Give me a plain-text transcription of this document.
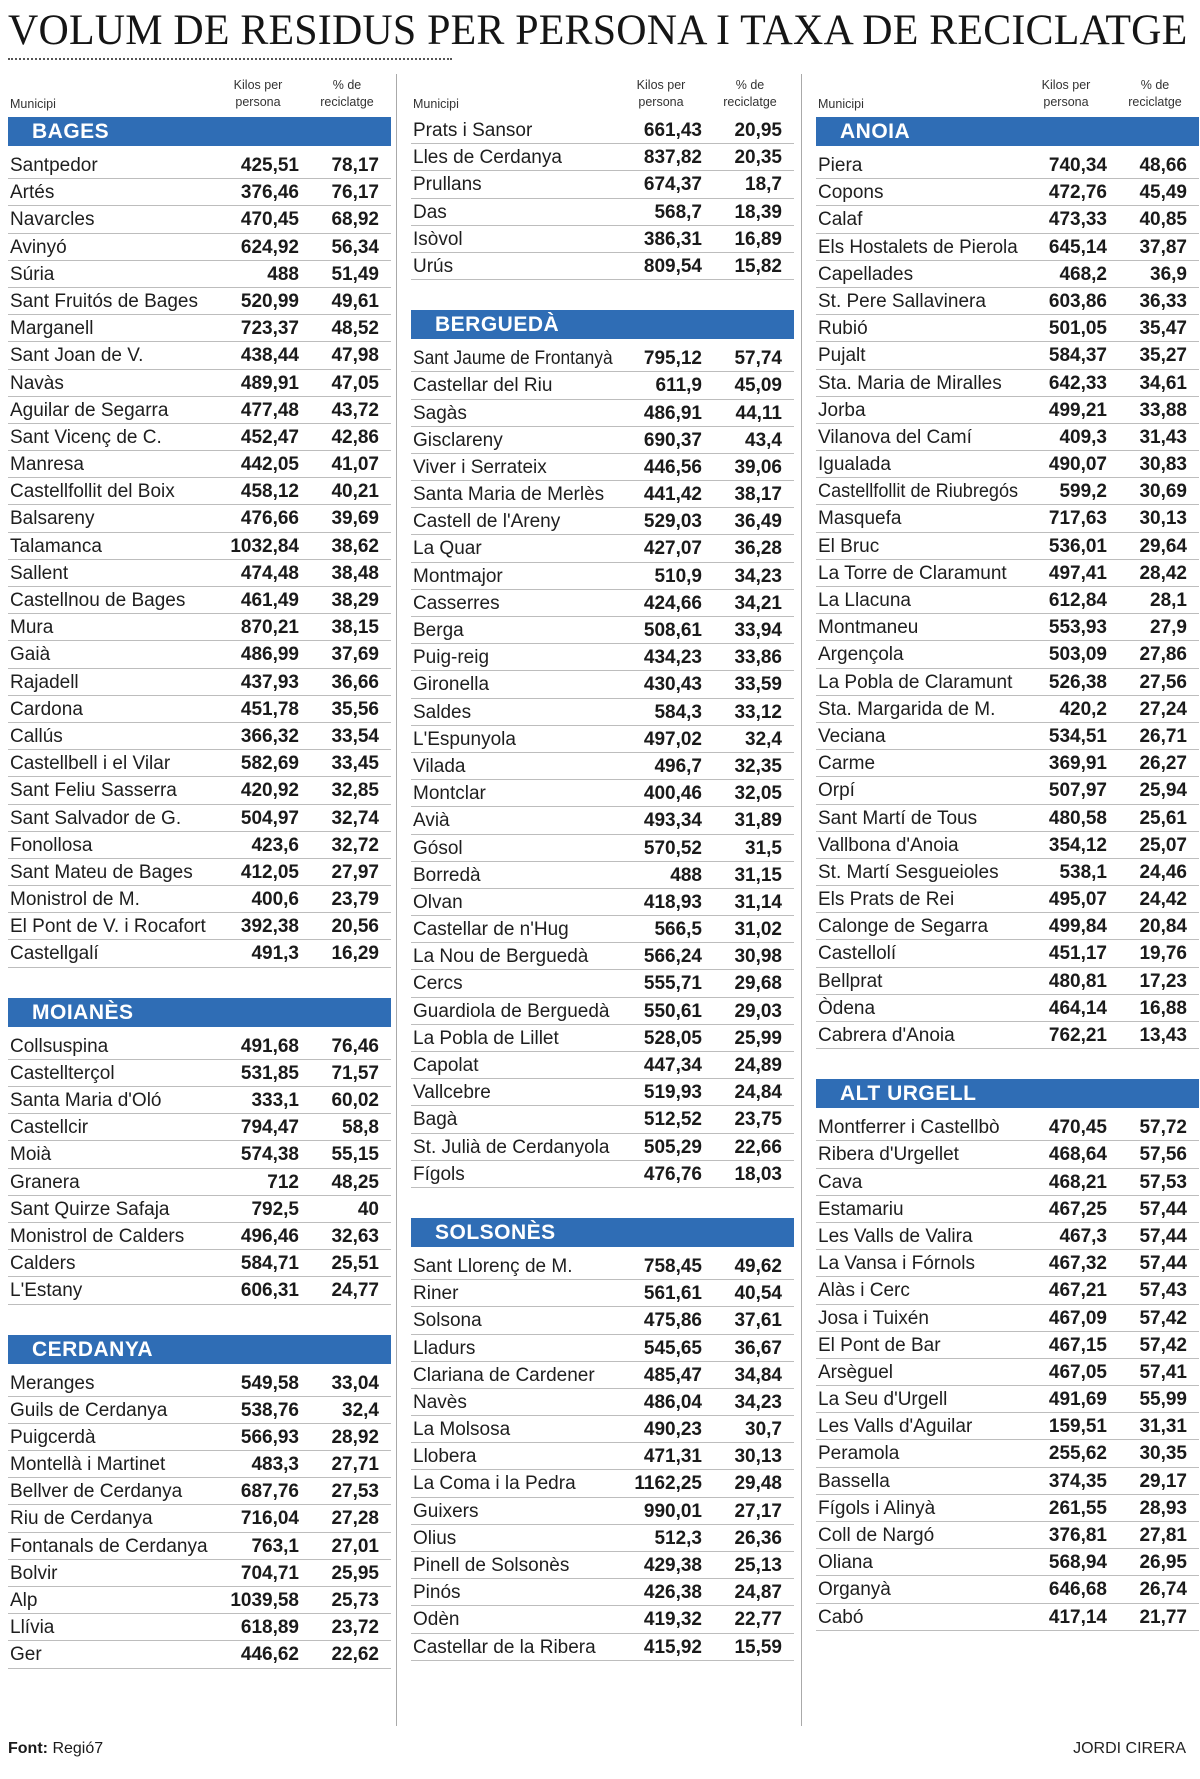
VOLUM DE RESIDUS PER PERSONA I TAXA DE RECICLATGE
Municipi
Kilos per
persona
% de
reciclatge
BAGES
Santpedor	425,51 78,17
Artés	376,46 76,17
Navarcles	470,45 68,92
Avinyó	624,92 56,34
Súria	488 51,49
Sant Fruitós de Bages 520,99 49,61
Marganell	723,37 48,52
Sant Joan de V.	438,44 47,98
Navàs	489,91 47,05
Aguilar de Segarra	477,48 43,72
Sant Vicenç de C.	452,47 42,86
Manresa	442,05 41,07
Castellfollit del Boix	458,12 40,21
Balsareny	476,66 39,69
Talamanca	1032,84 38,62
Sallent	474,48 38,48
Castellnou de Bages	461,49 38,29
Mura	870,21 38,15
Gaià	486,99 37,69
Rajadell	437,93 36,66
Cardona	451,78 35,56
Callús	366,32 33,54
Castellbell i el Vilar	582,69 33,45
Sant Feliu Sasserra	420,92 32,85
Sant Salvador de G.	504,97 32,74
Fonollosa	423,6 32,72
Sant Mateu de Bages	412,05 27,97
Monistrol de M.	400,6 23,79
El Pont de V. i Rocafort 392,38 20,56
Castellgalí	491,3 16,29
MOIANÈS
Collsuspina	491,68 76,46
Castellterçol	531,85 71,57
Santa Maria d'Oló	333,1 60,02
Castellcir	794,47 58,8
Moià	574,38 55,15
Granera	712 48,25
Sant Quirze Safaja	792,5	40
Monistrol de Calders	496,46 32,63
Calders	584,71 25,51
L'Estany	606,31 24,77
CERDANYA
Meranges	549,58 33,04
Guils de Cerdanya	538,76 32,4
Puigcerdà	566,93 28,92
Montellà i Martinet	483,3 27,71
Bellver de Cerdanya	687,76 27,53
Riu de Cerdanya	716,04 27,28
Fontanals de Cerdanya 763,1 27,01
Bolvir	704,71 25,95
Alp	1039,58 25,73
Llívia	618,89 23,72
Ger	446,62 22,62
Municipi
Kilos per
persona
% de
reciclatge
Prats i Sansor	661,43 20,95
Lles de Cerdanya	837,82 20,35
Prullans	674,37 18,7
Das	568,7 18,39
Isòvol	386,31 16,89
Urús	809,54 15,82
BERGUEDÀ
Sant Jaume de Frontanyà 795,12 57,74
Castellar del Riu	611,9 45,09
Sagàs	486,91 44,11
Gisclareny	690,37 43,4
Viver i Serrateix	446,56 39,06
Santa Maria de Merlès 441,42 38,17
Castell de l'Areny	529,03 36,49
La Quar	427,07 36,28
Montmajor	510,9 34,23
Casserres	424,66 34,21
Berga	508,61 33,94
Puig-reig	434,23 33,86
Gironella	430,43 33,59
Saldes	584,3 33,12
L'Espunyola	497,02 32,4
Vilada	496,7 32,35
Montclar	400,46 32,05
Avià	493,34 31,89
Gósol	570,52 31,5
Borredà	488 31,15
Olvan	418,93 31,14
Castellar de n'Hug	566,5 31,02
La Nou de Berguedà	566,24 30,98
Cercs	555,71 29,68
Guardiola de Berguedà 550,61 29,03
La Pobla de Lillet	528,05 25,99
Capolat	447,34 24,89
Vallcebre	519,93 24,84
Bagà	512,52 23,75
St. Julià de Cerdanyola 505,29 22,66
Fígols	476,76 18,03
SOLSONÈS
Sant Llorenç de M.	758,45 49,62
Riner	561,61 40,54
Solsona	475,86 37,61
Lladurs	545,65 36,67
Clariana de Cardener	485,47 34,84
Navès	486,04 34,23
La Molsosa	490,23 30,7
Llobera	471,31 30,13
La Coma i la Pedra	1162,25 29,48
Guixers	990,01 27,17
Olius	512,3 26,36
Pinell de Solsonès	429,38 25,13
Pinós	426,38 24,87
Odèn	419,32 22,77
Castellar de la Ribera	415,92 15,59
Municipi
Kilos per
persona
% de
reciclatge
ANOIA
Piera	740,34 48,66
Copons	472,76 45,49
Calaf	473,33 40,85
Els Hostalets de Pierola 645,14 37,87
Capellades	468,2 36,9
St. Pere Sallavinera	603,86 36,33
Rubió	501,05 35,47
Pujalt	584,37 35,27
Sta. Maria de Miralles 642,33 34,61
Jorba	499,21 33,88
Vilanova del Camí	409,3 31,43
Igualada	490,07 30,83
Castellfollit de Riubregós 599,2 30,69
Masquefa	717,63 30,13
El Bruc	536,01 29,64
La Torre de Claramunt 497,41 28,42
La Llacuna	612,84 28,1
Montmaneu	553,93 27,9
Argençola	503,09 27,86
La Pobla de Claramunt 526,38 27,56
Sta. Margarida de M.	420,2 27,24
Veciana	534,51 26,71
Carme	369,91 26,27
Orpí	507,97 25,94
Sant Martí de Tous	480,58 25,61
Vallbona d'Anoia	354,12 25,07
St. Martí Sesgueioles	538,1 24,46
Els Prats de Rei	495,07 24,42
Calonge de Segarra	499,84 20,84
Castellolí	451,17 19,76
Bellprat	480,81 17,23
Òdena	464,14 16,88
Cabrera d'Anoia	762,21 13,43
ALT URGELL
Montferrer i Castellbò	470,45 57,72
Ribera d'Urgellet	468,64 57,56
Cava	468,21 57,53
Estamariu	467,25 57,44
Les Valls de Valira	467,3 57,44
La Vansa i Fórnols	467,32 57,44
Alàs i Cerc	467,21 57,43
Josa i Tuixén	467,09 57,42
El Pont de Bar	467,15 57,42
Arsèguel	467,05 57,41
La Seu d'Urgell	491,69 55,99
Les Valls d'Aguilar	159,51 31,31
Peramola	255,62 30,35
Bassella	374,35 29,17
Fígols i Alinyà	261,55 28,93
Coll de Nargó	376,81 27,81
Oliana	568,94 26,95
Organyà	646,68 26,74
Cabó	417,14 21,77
Font: Regió7	JORDI CIRERA
